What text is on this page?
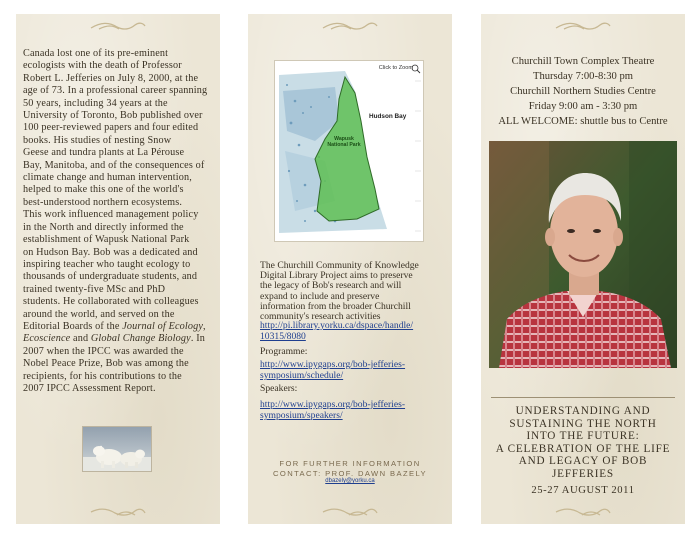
Canada lost one of its pre-eminent
ecologists with the death of Professor
Robert L. Jefferies on July 8, 2000, at the
age of 73. In a professional career spanning
50 years, including 34 years at the
University of Toronto, Bob published over
100 peer-reviewed papers and four edited
books. His studies of nesting Snow
Geese and tundra plants at La Pérouse
Bay, Manitoba, and of the consequences of
climate change and human intervention,
helped to make this one of the world's
best-understood northern ecosystems.
This work influenced management policy
in the North and directly informed the
establishment of Wapusk National Park
on Hudson Bay. Bob was a dedicated and
inspiring teacher who taught ecology to
thousands of undergraduate students, and
trained twenty-five MSc and PhD
students. He collaborated with colleagues
around the world, and served on the
Editorial Boards of the Journal of Ecology,
Ecoscience and Global Change Biology. In
2007 when the IPCC was awarded the
Nobel Peace Prize, Bob was among the
recipients, for his contributions to the
2007 IPCC Assessment Report.
Click to Zoom
Hudson Bay
Wapusk National Park
The Churchill Community of Knowledge
Digital Library Project aims to preserve
the legacy of Bob's research and will
expand to include and preserve
information from the broader Churchill
community's research activities
http://pi.library.yorku.ca/dspace/handle/
10315/8080
Programme:
http://www.ipygaps.org/bob-jefferies-
symposium/schedule/
Speakers:
http://www.ipygaps.org/bob-jefferies-
symposium/speakers/
FOR FURTHER INFORMATION
CONTACT: PROF. DAWN BAZELY
dbazely@yorku.ca
Churchill Town Complex Theatre
Thursday 7:00-8:30 pm
Churchill Northern Studies Centre
Friday 9:00 am - 3:30 pm
ALL WELCOME: shuttle bus to Centre
UNDERSTANDING AND
SUSTAINING THE NORTH
INTO THE FUTURE:
A CELEBRATION OF THE LIFE
AND LEGACY OF BOB
JEFFERIES
25-27 AUGUST 2011
